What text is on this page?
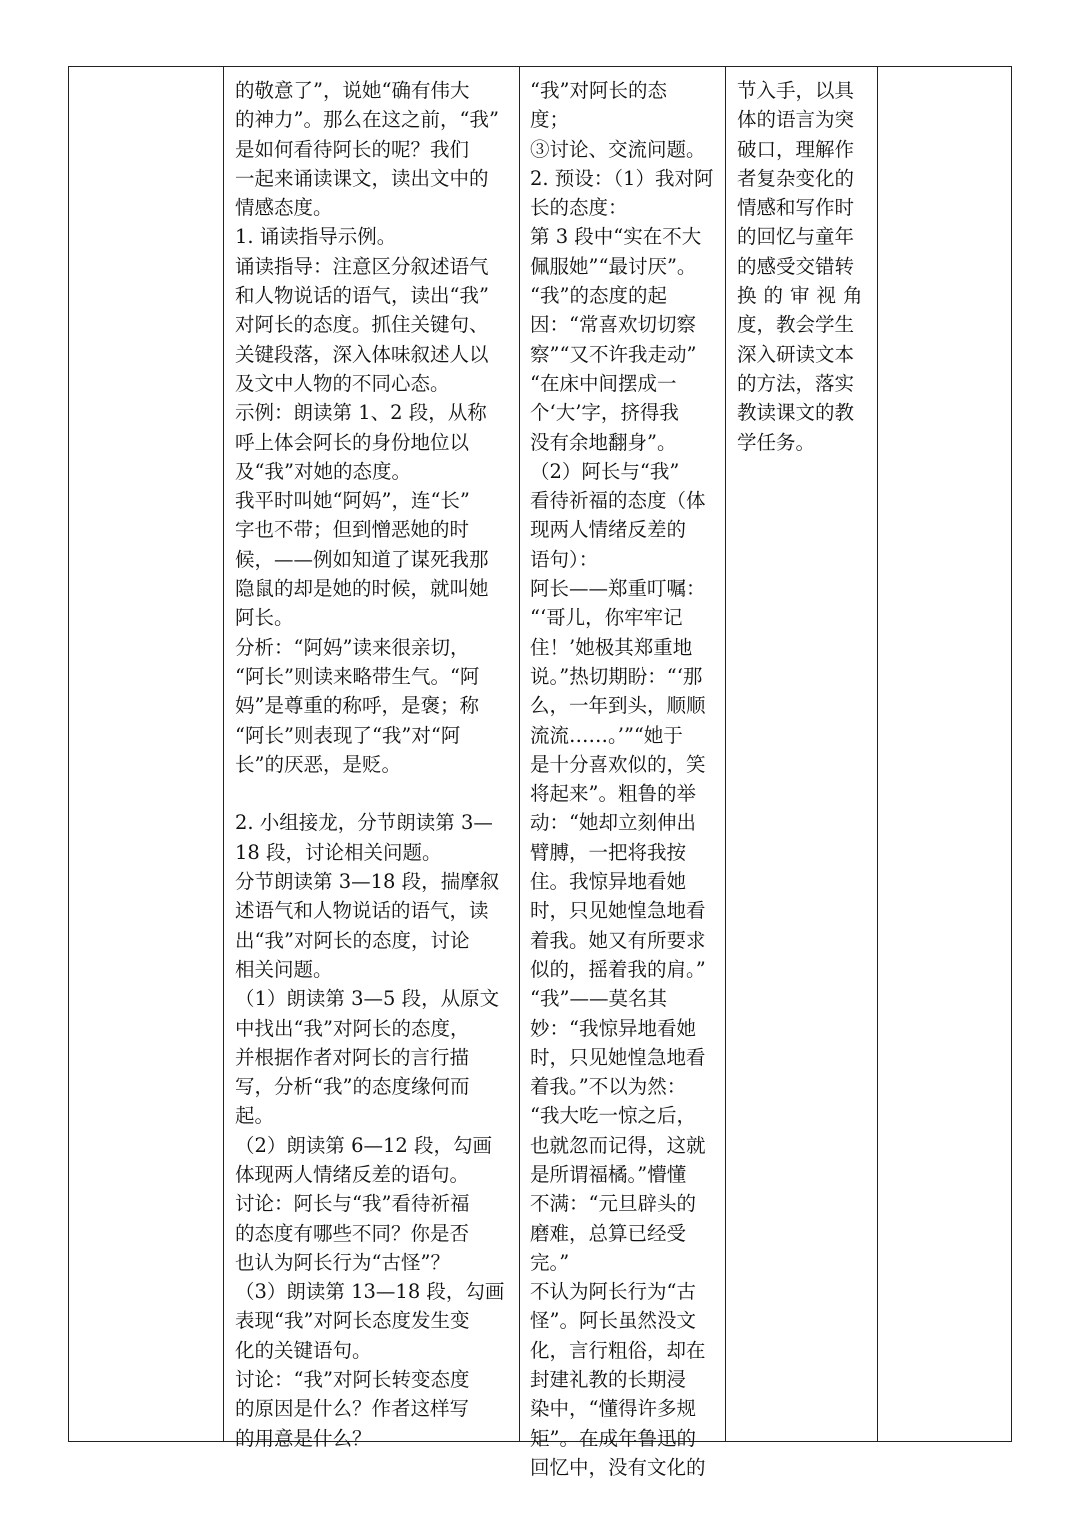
的敬意了”，说她“确有伟大
的神力”。那么在这之前，“我”
是如何看待阿长的呢？我们
一起来诵读课文，读出文中的
情感态度。
1. 诵读指导示例。
诵读指导：注意区分叙述语气
和人物说话的语气，读出“我”
对阿长的态度。抓住关键句、
关键段落，深入体味叙述人以
及文中人物的不同心态。
示例：朗读第 1、2 段，从称
呼上体会阿长的身份地位以
及“我”对她的态度。
我平时叫她“阿妈”，连“长”
字也不带；但到憎恶她的时
候，——例如知道了谋死我那
隐鼠的却是她的时候，就叫她
阿长。
分析：“阿妈”读来很亲切，
“阿长”则读来略带生气。“阿
妈”是尊重的称呼，是褒；称
“阿长”则表现了“我”对“阿
长”的厌恶，是贬。
2. 小组接龙，分节朗读第 3—
18 段，讨论相关问题。
分节朗读第 3—18 段，揣摩叙
述语气和人物说话的语气，读
出“我”对阿长的态度，讨论
相关问题。
（1）朗读第 3—5 段，从原文
中找出“我”对阿长的态度，
并根据作者对阿长的言行描
写，分析“我”的态度缘何而
起。
（2）朗读第 6—12 段，勾画
体现两人情绪反差的语句。
讨论：阿长与“我”看待祈福
的态度有哪些不同？你是否
也认为阿长行为“古怪”？
（3）朗读第 13—18 段，勾画
表现“我”对阿长态度发生变
化的关键语句。
讨论：“我”对阿长转变态度
的原因是什么？作者这样写
的用意是什么？
“我”对阿长的态
度；
③讨论、交流问题。
2. 预设：（1）我对阿
长的态度：
第 3 段中“实在不大
佩服她”“最讨厌”。
“我”的态度的起
因：“常喜欢切切察
察”“又不许我走动”
“在床中间摆成一
个‘大’字，挤得我
没有余地翻身”。
（2）阿长与“我”
看待祈福的态度（体
现两人情绪反差的
语句）：
阿长——郑重叮嘱：
“‘哥儿，你牢牢记
住！’她极其郑重地
说。”热切期盼：“‘那
么，一年到头，顺顺
流流……。’”“她于
是十分喜欢似的，笑
将起来”。粗鲁的举
动：“她却立刻伸出
臂膊，一把将我按
住。我惊异地看她
时，只见她惶急地看
着我。她又有所要求
似的，摇着我的肩。”
“我”——莫名其
妙：“我惊异地看她
时，只见她惶急地看
着我。”不以为然：
“我大吃一惊之后，
也就忽而记得，这就
是所谓福橘。”懵懂
不满：“元旦辟头的
磨难，总算已经受
完。”
不认为阿长行为“古
怪”。阿长虽然没文
化，言行粗俗，却在
封建礼教的长期浸
染中，“懂得许多规
矩”。在成年鲁迅的
回忆中，没有文化的
节入手，以具
体的语言为突
破口，理解作
者复杂变化的
情感和写作时
的回忆与童年
的感受交错转
换的审视角
度，教会学生
深入研读文本
的方法，落实
教读课文的教
学任务。
